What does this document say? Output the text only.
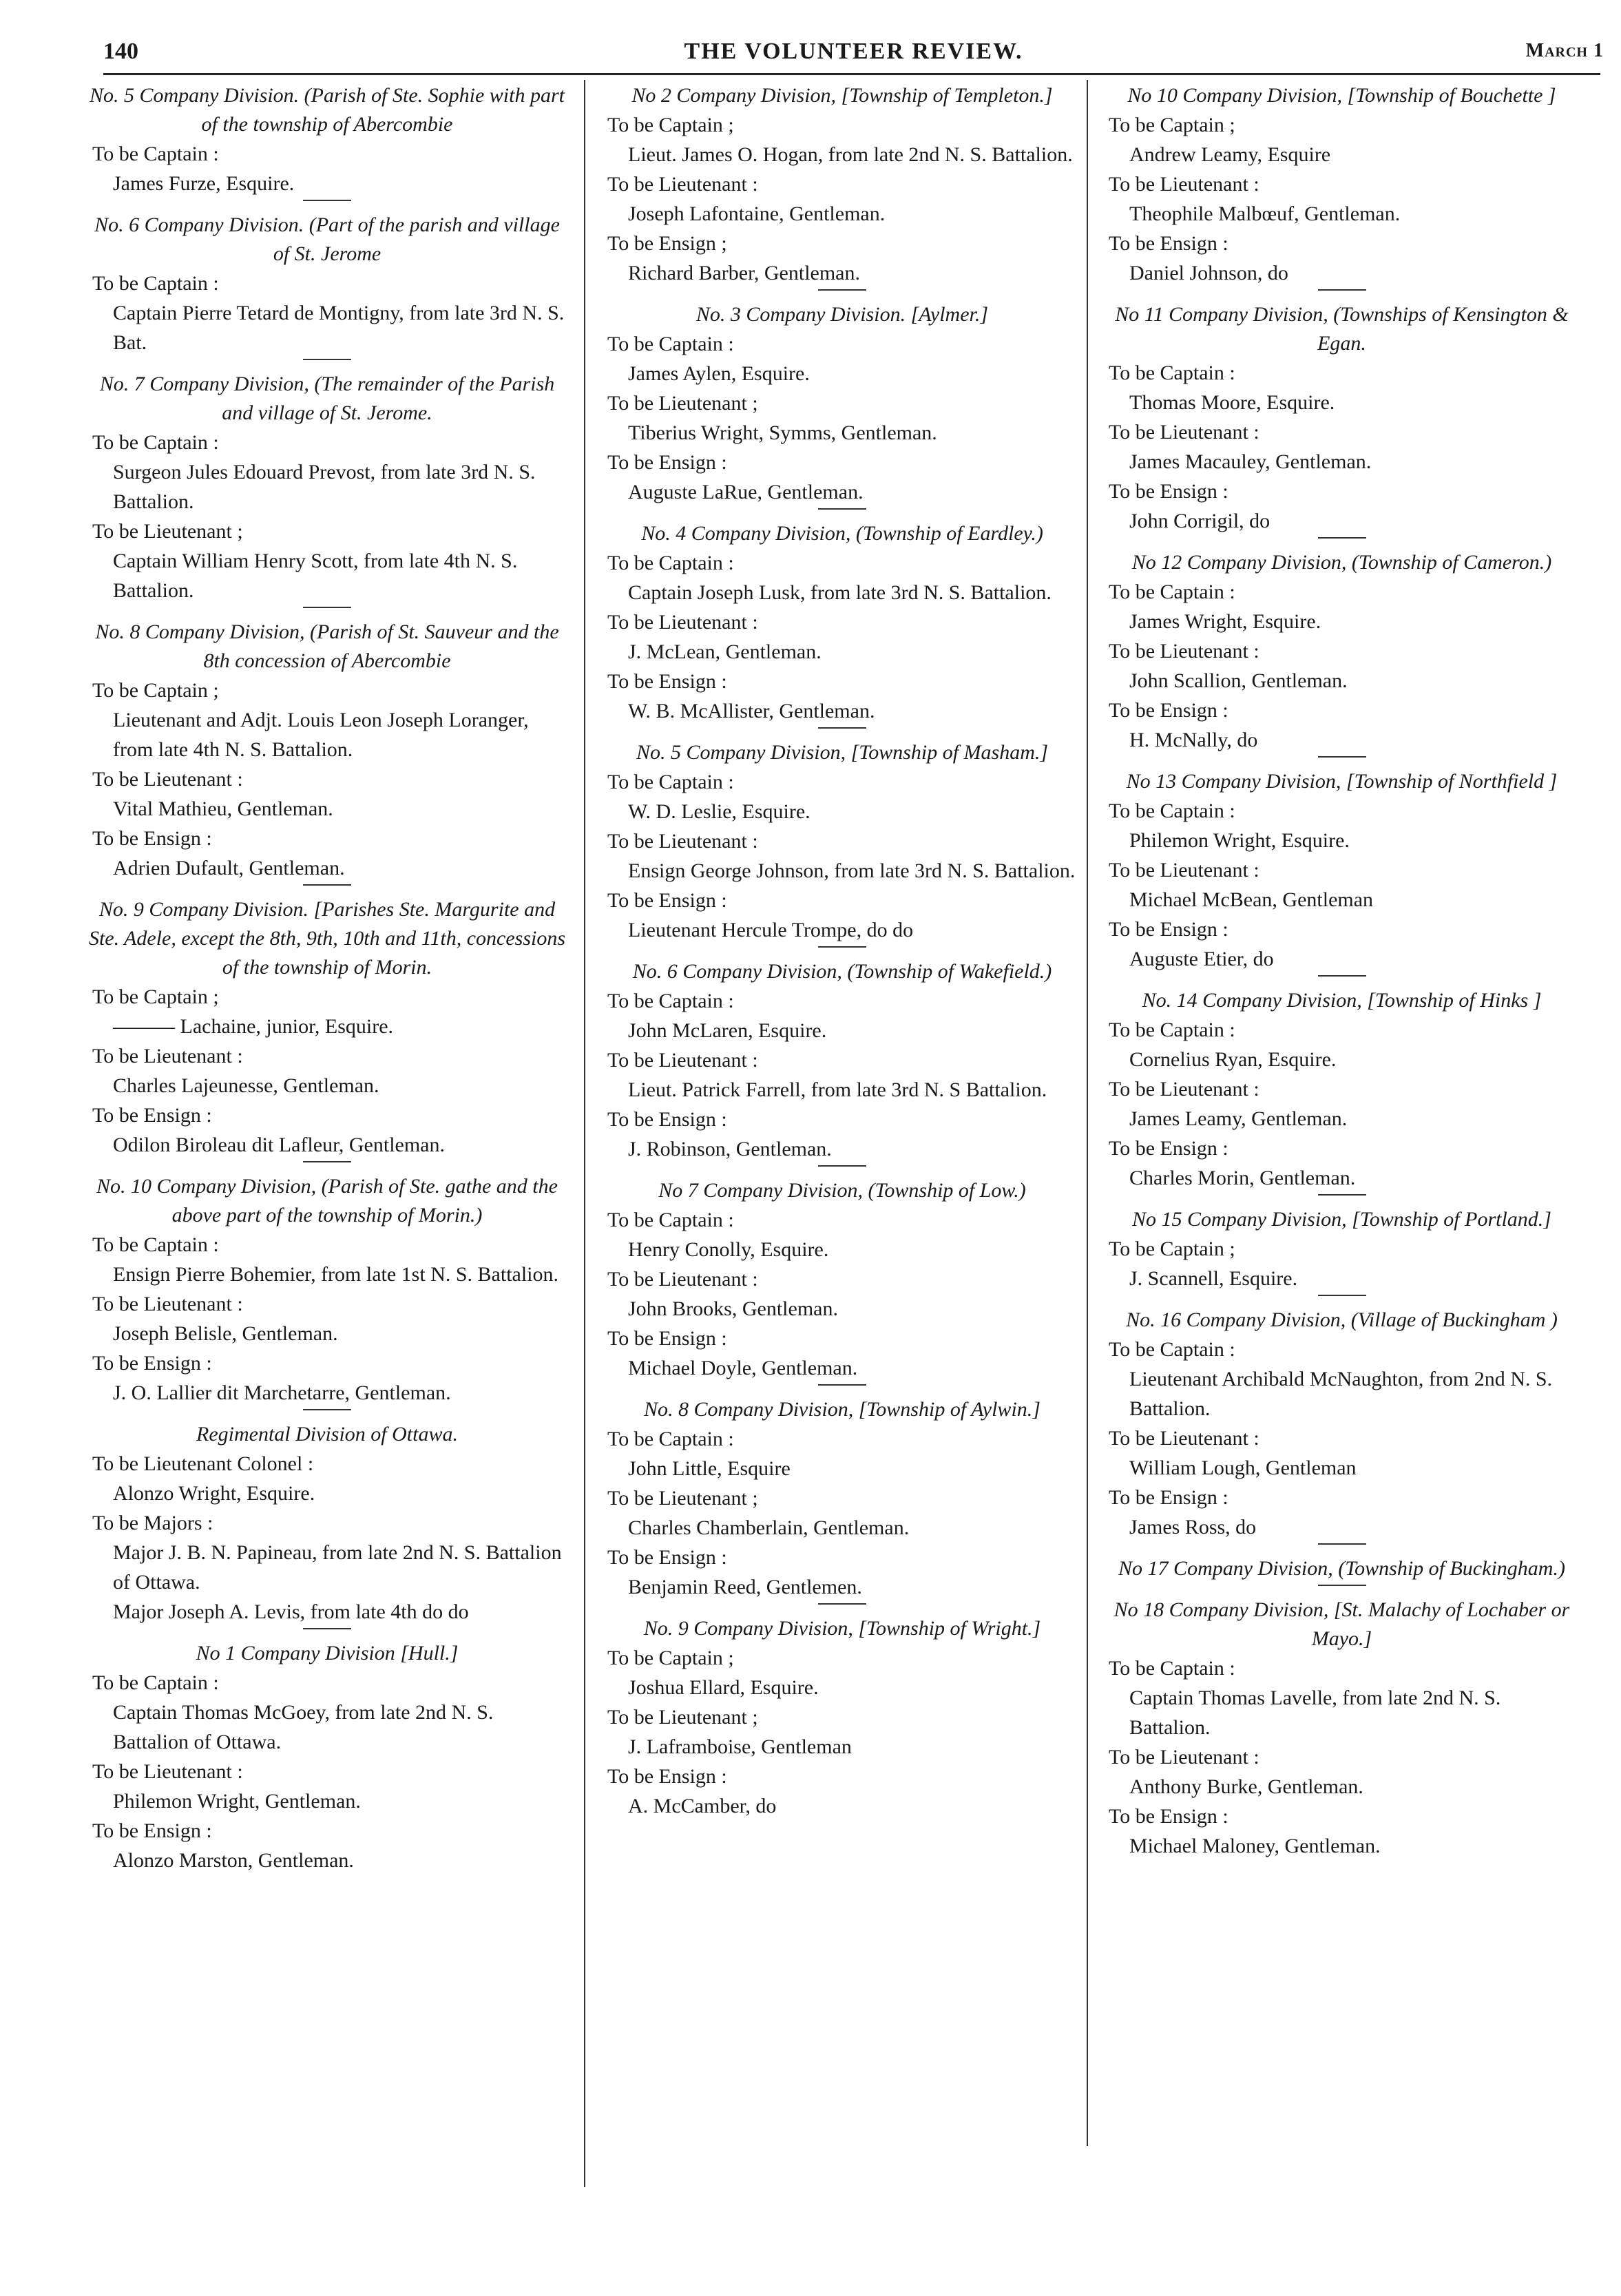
140	THE VOLUNTEER REVIEW.	March 1
No. 5 Company Division. (Parish of Ste. Sophie with part of the township of Abercombie
To be Captain :
James Furze, Esquire.
No. 6 Company Division. (Part of the parish and village of St. Jerome
To be Captain :
Captain Pierre Tetard de Montigny, from late 3rd N. S. Bat.
No. 7 Company Division, (The remainder of the Parish and village of St. Jerome.
To be Captain :
Surgeon Jules Edouard Prevost, from late 3rd N. S. Battalion.
To be Lieutenant ;
Captain William Henry Scott, from late 4th N. S. Battalion.
No. 8 Company Division, (Parish of St. Sauveur and the 8th concession of Abercombie
To be Captain ;
Lieutenant and Adjt. Louis Leon Joseph Loranger, from late 4th N. S. Battalion.
To be Lieutenant :
Vital Mathieu, Gentleman.
To be Ensign :
Adrien Dufault, Gentleman.
No. 9 Company Division. [Parishes Ste. Margurite and Ste. Adele, except the 8th, 9th, 10th and 11th, concessions of the township of Morin.
To be Captain ;
——— Lachaine, junior, Esquire.
To be Lieutenant :
Charles Lajeunesse, Gentleman.
To be Ensign :
Odilon Biroleau dit Lafleur, Gentleman.
No. 10 Company Division, (Parish of Ste. gathe and the above part of the township of Morin.)
To be Captain :
Ensign Pierre Bohemier, from late 1st N. S. Battalion.
To be Lieutenant :
Joseph Belisle, Gentleman.
To be Ensign :
J. O. Lallier dit Marchetarre, Gentleman.
Regimental Division of Ottawa.
To be Lieutenant Colonel :
Alonzo Wright, Esquire.
To be Majors :
Major J. B. N. Papineau, from late 2nd N. S. Battalion of Ottawa.
Major Joseph A. Levis, from late 4th do do
No 1 Company Division [Hull.]
To be Captain :
Captain Thomas McGoey, from late 2nd N. S. Battalion of Ottawa.
To be Lieutenant :
Philemon Wright, Gentleman.
To be Ensign :
Alonzo Marston, Gentleman.
No 2 Company Division, [Township of Templeton.]
To be Captain ;
Lieut. James O. Hogan, from late 2nd N. S. Battalion.
To be Lieutenant :
Joseph Lafontaine, Gentleman.
To be Ensign ;
Richard Barber, Gentleman.
No. 3 Company Division. [Aylmer.]
To be Captain :
James Aylen, Esquire.
To be Lieutenant ;
Tiberius Wright, Symms, Gentleman.
To be Ensign :
Auguste LaRue, Gentleman.
No. 4 Company Division, (Township of Eardley.)
To be Captain :
Captain Joseph Lusk, from late 3rd N. S. Battalion.
To be Lieutenant :
J. McLean, Gentleman.
To be Ensign :
W. B. McAllister, Gentleman.
No. 5 Company Division, [Township of Masham.]
To be Captain :
W. D. Leslie, Esquire.
To be Lieutenant :
Ensign George Johnson, from late 3rd N. S. Battalion.
To be Ensign :
Lieutenant Hercule Trompe, do do
No. 6 Company Division, (Township of Wakefield.)
To be Captain :
John McLaren, Esquire.
To be Lieutenant :
Lieut. Patrick Farrell, from late 3rd N. S Battalion.
To be Ensign :
J. Robinson, Gentleman.
No 7 Company Division, (Township of Low.)
To be Captain :
Henry Conolly, Esquire.
To be Lieutenant :
John Brooks, Gentleman.
To be Ensign :
Michael Doyle, Gentleman.
No. 8 Company Division, [Township of Aylwin.]
To be Captain :
John Little, Esquire
To be Lieutenant ;
Charles Chamberlain, Gentleman.
To be Ensign :
Benjamin Reed, Gentlemen.
No. 9 Company Division, [Township of Wright.]
To be Captain ;
Joshua Ellard, Esquire.
To be Lieutenant ;
J. Laframboise, Gentleman
To be Ensign :
A. McCamber, do
No 10 Company Division, [Township of Bouchette ]
To be Captain ;
Andrew Leamy, Esquire
To be Lieutenant :
Theophile Malbœuf, Gentleman.
To be Ensign :
Daniel Johnson, do
No 11 Company Division, (Townships of Kensington & Egan.
To be Captain :
Thomas Moore, Esquire.
To be Lieutenant :
James Macauley, Gentleman.
To be Ensign :
John Corrigil, do
No 12 Company Division, (Township of Cameron.)
To be Captain :
James Wright, Esquire.
To be Lieutenant :
John Scallion, Gentleman.
To be Ensign :
H. McNally, do
No 13 Company Division, [Township of Northfield ]
To be Captain :
Philemon Wright, Esquire.
To be Lieutenant :
Michael McBean, Gentleman
To be Ensign :
Auguste Etier, do
No. 14 Company Division, [Township of Hinks ]
To be Captain :
Cornelius Ryan, Esquire.
To be Lieutenant :
James Leamy, Gentleman.
To be Ensign :
Charles Morin, Gentleman.
No 15 Company Division, [Township of Portland.]
To be Captain ;
J. Scannell, Esquire.
No. 16 Company Division, (Village of Buckingham )
To be Captain :
Lieutenant Archibald McNaughton, from 2nd N. S. Battalion.
To be Lieutenant :
William Lough, Gentleman
To be Ensign :
James Ross, do
No 17 Company Division, (Township of Buckingham.)
No 18 Company Division, [St. Malachy of Lochaber or Mayo.]
To be Captain :
Captain Thomas Lavelle, from late 2nd N. S. Battalion.
To be Lieutenant :
Anthony Burke, Gentleman.
To be Ensign :
Michael Maloney, Gentleman.
